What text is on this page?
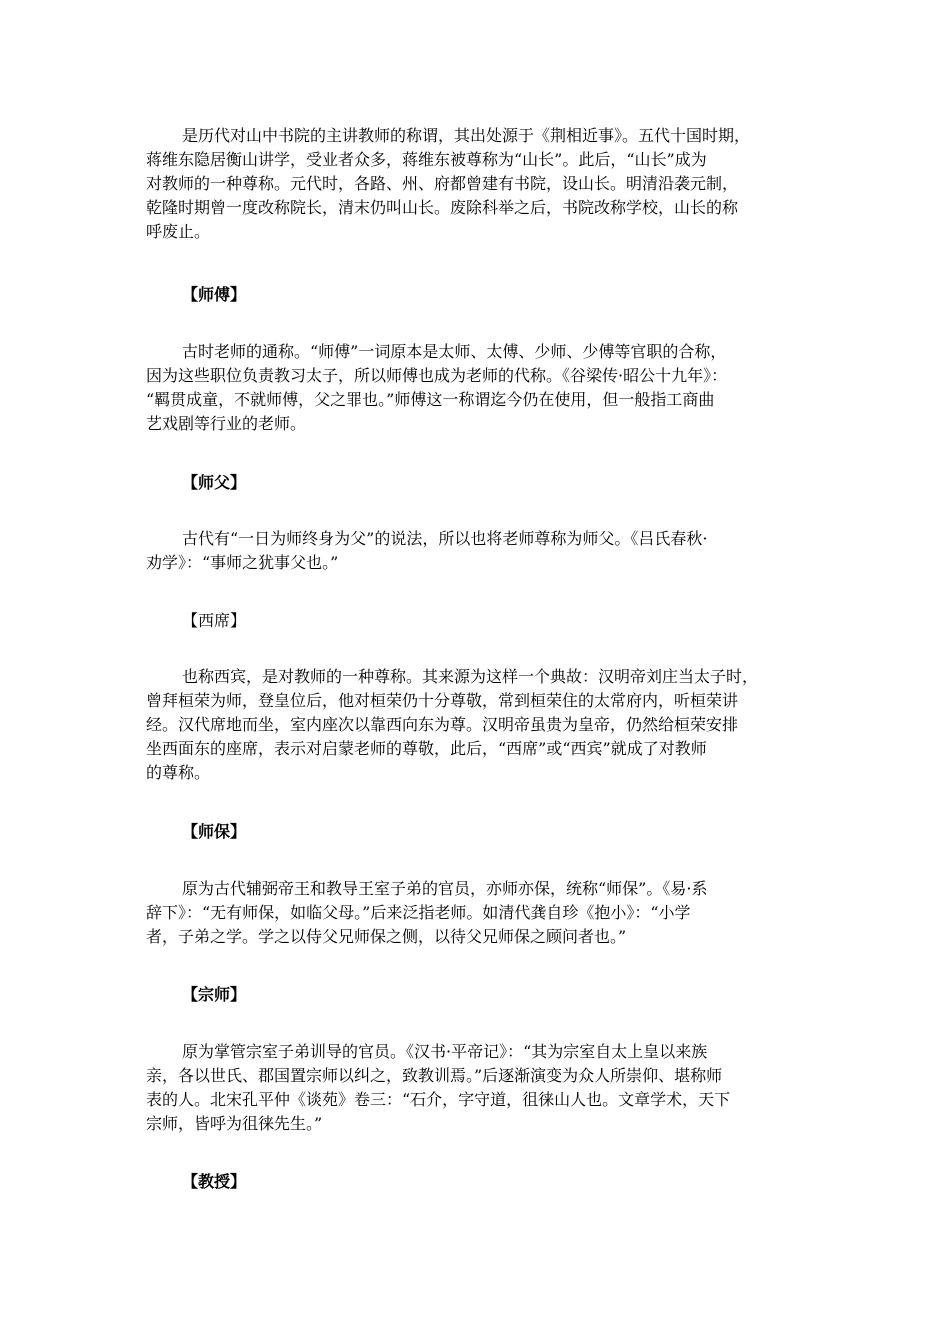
是历代对山中书院的主讲教师的称谓，其出处源于《荆相近事》。五代十国时期，
蒋维东隐居衡山讲学，受业者众多，蒋维东被尊称为“山长”。此后，“山长”成为
对教师的一种尊称。元代时，各路、州、府都曾建有书院，设山长。明清沿袭元制，
乾隆时期曾一度改称院长，清末仍叫山长。废除科举之后，书院改称学校，山长的称
呼废止。
【师傅】
古时老师的通称。“师傅”一词原本是太师、太傅、少师、少傅等官职的合称，
因为这些职位负责教习太子，所以师傅也成为老师的代称。《谷梁传·昭公十九年》：
“羁贯成童，不就师傅，父之罪也。”师傅这一称谓迄今仍在使用，但一般指工商曲
艺戏剧等行业的老师。
【师父】
古代有“一日为师终身为父”的说法，所以也将老师尊称为师父。《吕氏春秋·
劝学》：“事师之犹事父也。”
【西席】
也称西宾，是对教师的一种尊称。其来源为这样一个典故：汉明帝刘庄当太子时，
曾拜桓荣为师，登皇位后，他对桓荣仍十分尊敬，常到桓荣住的太常府内，听桓荣讲
经。汉代席地而坐，室内座次以靠西向东为尊。汉明帝虽贵为皇帝，仍然给桓荣安排
坐西面东的座席，表示对启蒙老师的尊敬，此后，“西席”或“西宾”就成了对教师
的尊称。
【师保】
原为古代辅弼帝王和教导王室子弟的官员，亦师亦保，统称“师保”。《易·系
辞下》：“无有师保，如临父母。”后来泛指老师。如清代龚自珍《抱小》：“小学
者，子弟之学。学之以侍父兄师保之侧，以待父兄师保之顾问者也。”
【宗师】
原为掌管宗室子弟训导的官员。《汉书·平帝记》：“其为宗室自太上皇以来族
亲，各以世氏、郡国置宗师以纠之，致教训焉。”后逐渐演变为众人所崇仰、堪称师
表的人。北宋孔平仲《谈苑》卷三：“石介，字守道，徂徕山人也。文章学术，天下
宗师，皆呼为徂徕先生。”
【教授】
